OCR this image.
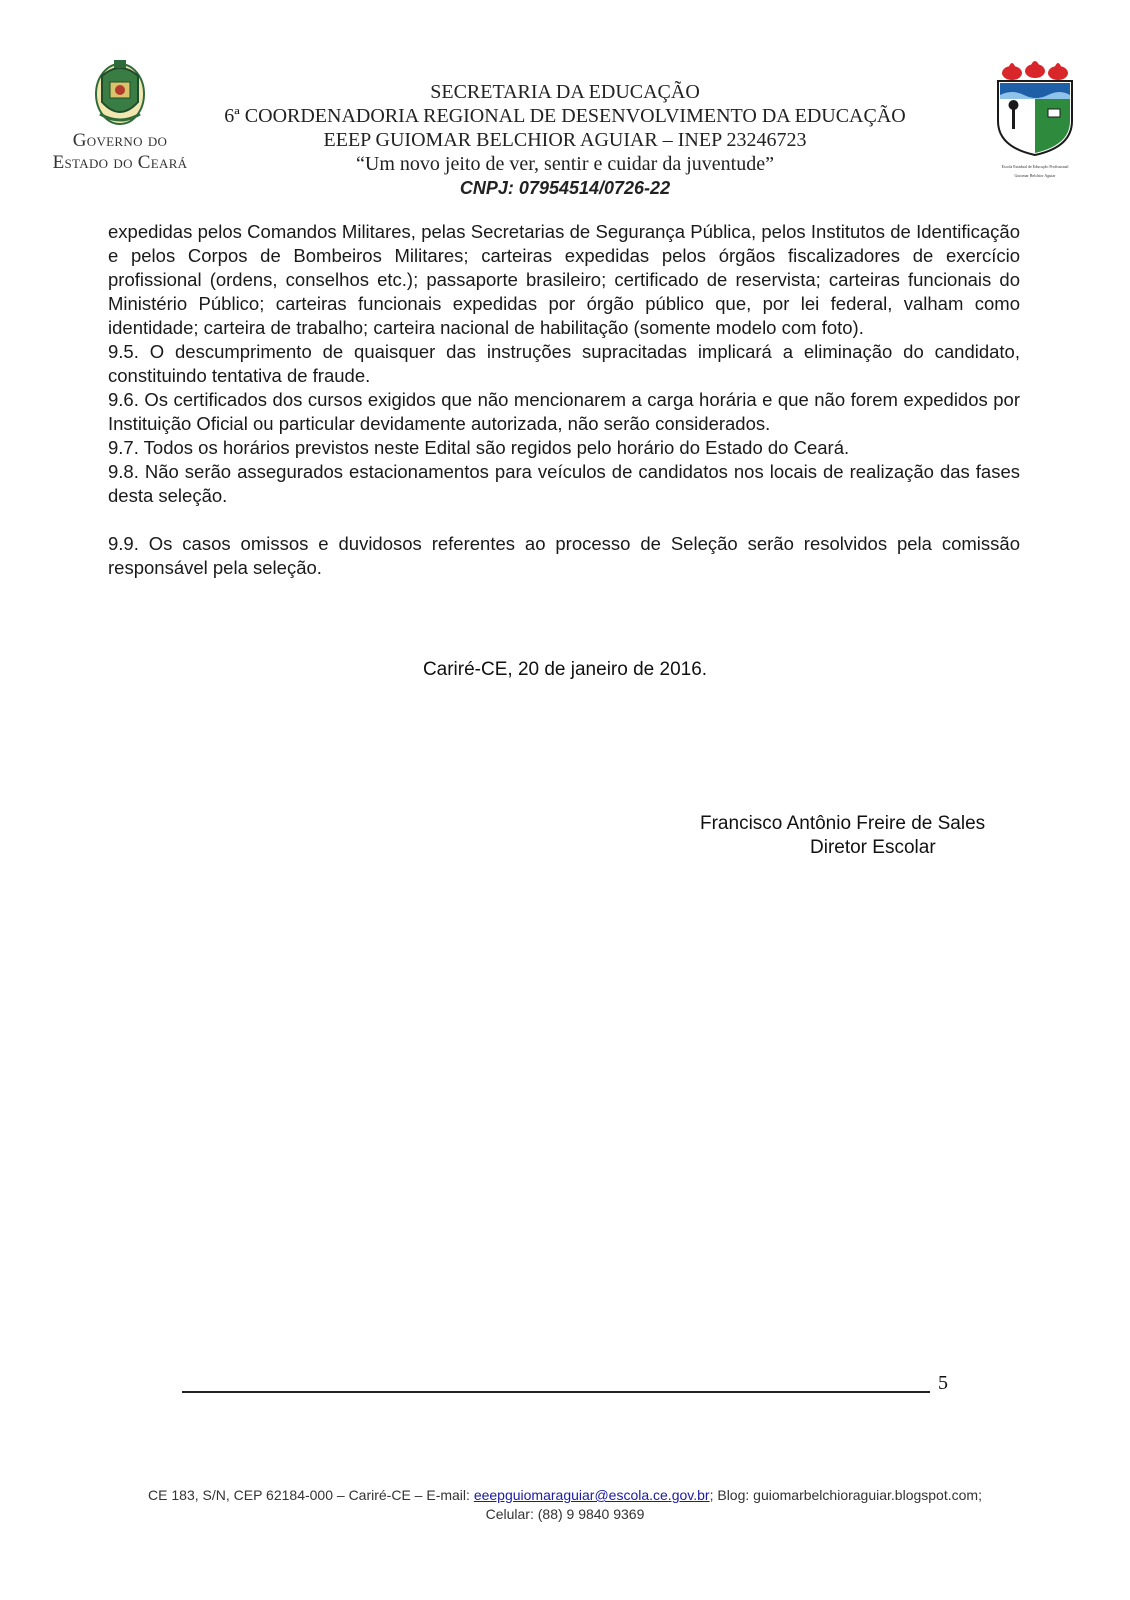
Governo do
Estado do Ceará
SECRETARIA DA EDUCAÇÃO
6ª COORDENADORIA REGIONAL DE DESENVOLVIMENTO DA EDUCAÇÃO
EEEP GUIOMAR BELCHIOR AGUIAR – INEP 23246723
“Um novo jeito de ver, sentir e cuidar da juventude”
CNPJ: 07954514/0726-22
Escola Estadual de Educação Profissional
Guiomar Belchior Aguiar

expedidas pelos Comandos Militares, pelas Secretarias de Segurança Pública, pelos Institutos de Identificação e pelos Corpos de Bombeiros Militares; carteiras expedidas pelos órgãos fiscalizadores de exercício profissional (ordens, conselhos etc.); passaporte brasileiro; certificado de reservista; carteiras funcionais do Ministério Público; carteiras funcionais expedidas por órgão público que, por lei federal, valham como identidade; carteira de trabalho; carteira nacional de habilitação (somente modelo com foto).

9.5. O descumprimento de quaisquer das instruções supracitadas implicará a eliminação do candidato, constituindo tentativa de fraude.

9.6. Os certificados dos cursos exigidos que não mencionarem a carga horária e que não forem expedidos por Instituição Oficial ou particular devidamente autorizada, não serão considerados.

9.7. Todos os horários previstos neste Edital são regidos pelo horário do Estado do Ceará.

9.8. Não serão assegurados estacionamentos para veículos de candidatos nos locais de realização das fases desta seleção.

9.9. Os casos omissos e duvidosos referentes ao processo de Seleção serão resolvidos pela comissão responsável pela seleção.

Cariré-CE, 20 de janeiro de 2016.
Francisco Antônio Freire de Sales
Diretor Escolar
5
CE 183, S/N, CEP 62184-000 – Cariré-CE – E-mail: eeepguiomaraguiar@escola.ce.gov.br; Blog: guiomarbelchioraguiar.blogspot.com;
Celular: (88) 9 9840 9369
